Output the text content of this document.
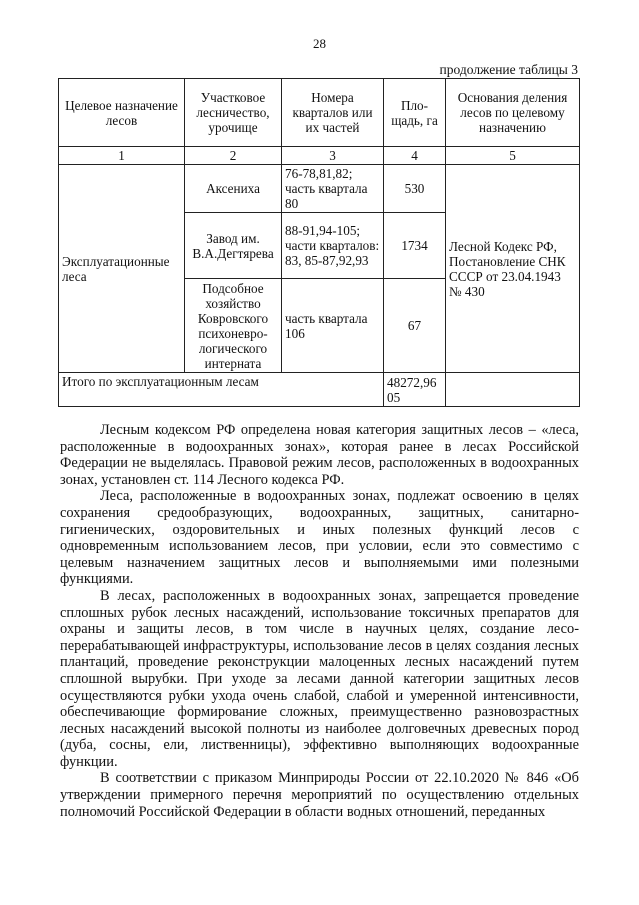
28
продолжение таблицы 3
Целевое назначение лесов	Участковое лесничество, урочище	Номера кварталов или их частей	Пло-щадь, га	Основания деления лесов по целевому назначению
1	2	3	4	5
Эксплуатационные леса	Аксениха	76-78,81,82; часть квартала 80	530	Лесной Кодекс РФ, Постановление СНК СССР от 23.04.1943 № 430
	Завод им. В.А.Дегтярева	88-91,94-105; части кварталов: 83, 85-87,92,93	1734	
	Подсобное хозяйство Ковровского психоневро-логического интерната	часть квартала 106	67	
Итого по эксплуатационным лесам			48272,9605	

Лесным кодексом РФ определена новая категория защитных лесов – «леса, расположенные в водоохранных зонах», которая ранее в лесах Российской Федерации не выделялась. Правовой режим лесов, расположенных в водоохранных зонах, установлен ст. 114 Лесного кодекса РФ.

Леса, расположенные в водоохранных зонах, подлежат освоению в целях сохранения средообразующих, водоохранных, защитных, санитарно-гигиенических, оздоровительных и иных полезных функций лесов с одновременным использованием лесов, при условии, если это совместимо с целевым назначением защитных лесов и выполняемыми ими полезными функциями.

В лесах, расположенных в водоохранных зонах, запрещается проведение сплошных рубок лесных насаждений, использование токсичных препаратов для охраны и защиты лесов, в том числе в научных целях, создание лесо-перерабатывающей инфраструктуры, использование лесов в целях создания лесных плантаций, проведение реконструкции малоценных лесных насаждений путем сплошной вырубки. При уходе за лесами данной категории защитных лесов осуществляются рубки ухода очень слабой, слабой и умеренной интенсивности, обеспечивающие формирование сложных, преимущественно разновозрастных лесных насаждений высокой полноты из наиболее долговечных древесных пород (дуба, сосны, ели, лиственницы), эффективно выполняющих водоохранные функции.

В соответствии с приказом Минприроды России от 22.10.2020 № 846 «Об утверждении примерного перечня мероприятий по осуществлению отдельных полномочий Российской Федерации в области водных отношений, переданных
